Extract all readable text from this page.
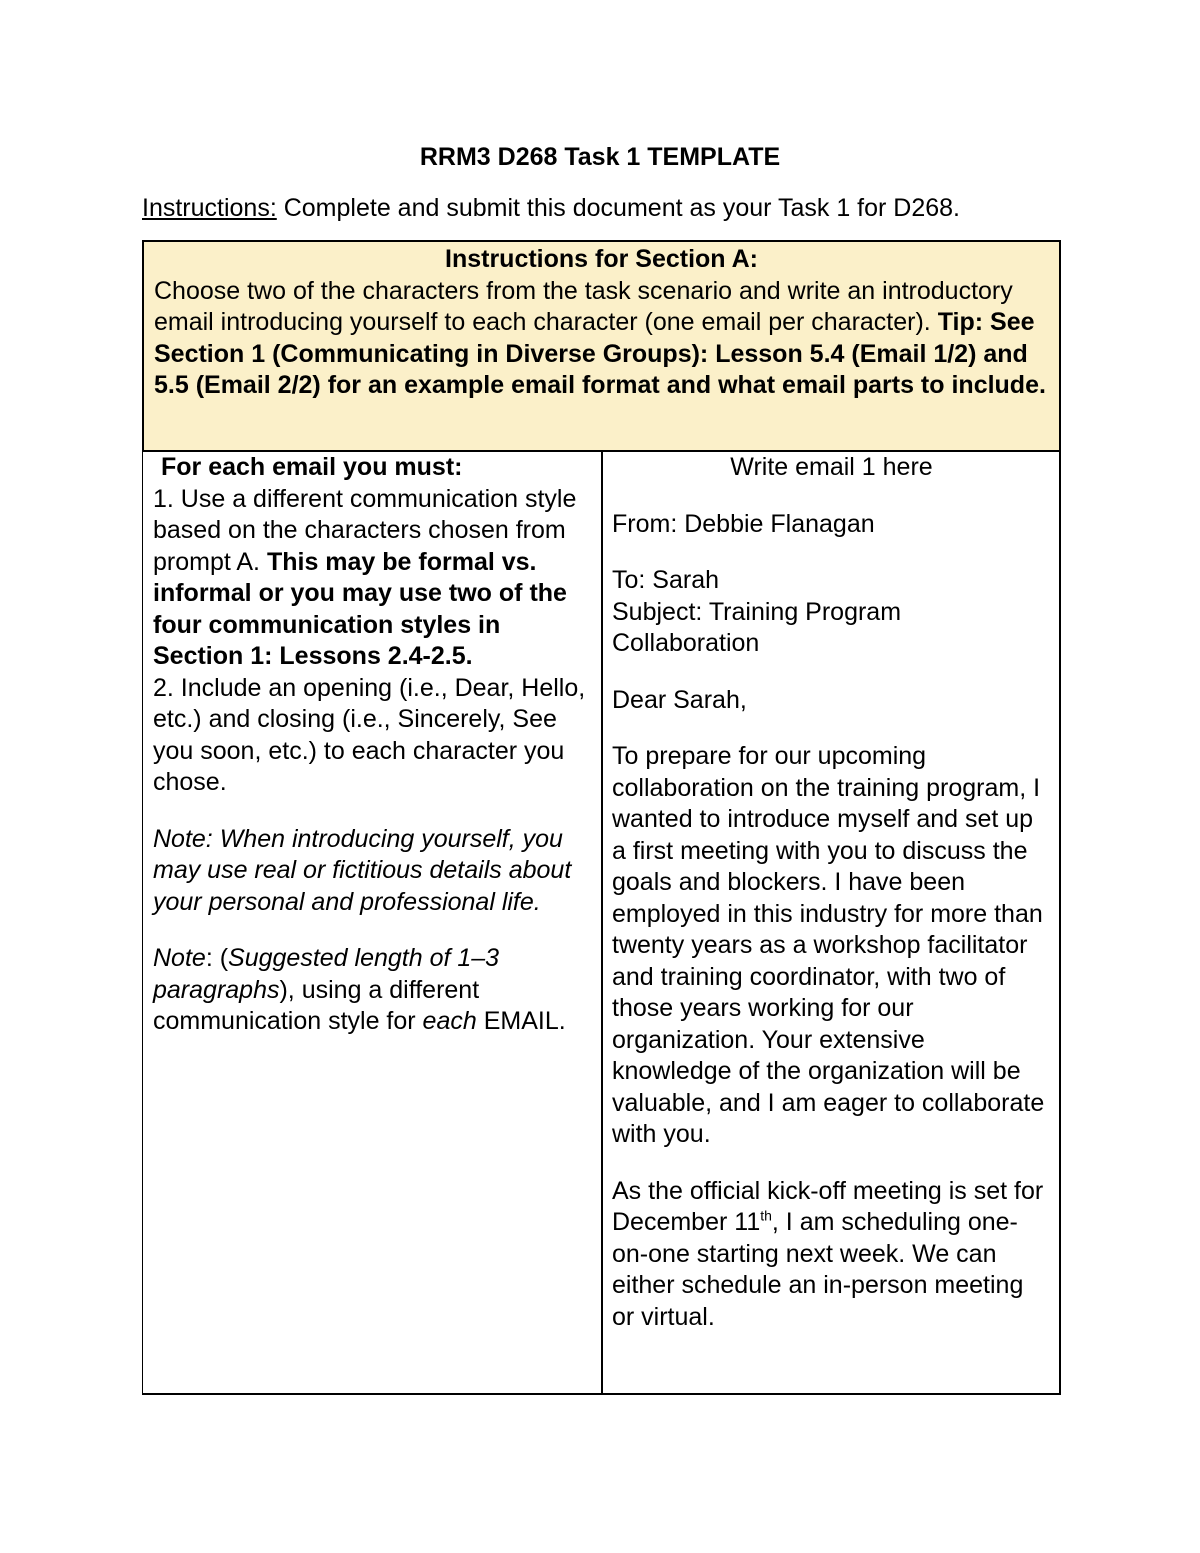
RRM3 D268 Task 1 TEMPLATE
Instructions: Complete and submit this document as your Task 1 for D268.
Instructions for Section A:
Choose two of the characters from the task scenario and write an introductory email introducing yourself to each character (one email per character). Tip: See Section 1 (Communicating in Diverse Groups): Lesson 5.4 (Email 1/2) and 5.5 (Email 2/2) for an example email format and what email parts to include.
For each email you must:
1. Use a different communication style based on the characters chosen from prompt A. This may be formal vs. informal or you may use two of the four communication styles in Section 1: Lessons 2.4-2.5.
2. Include an opening (i.e., Dear, Hello, etc.) and closing (i.e., Sincerely, See you soon, etc.) to each character you chose.
Note: When introducing yourself, you may use real or fictitious details about your personal and professional life.
Note: (Suggested length of 1–3 paragraphs), using a different communication style for each EMAIL.
Write email 1 here
From: Debbie Flanagan
To: Sarah
Subject: Training Program Collaboration
Dear Sarah,

To prepare for our upcoming collaboration on the training program, I wanted to introduce myself and set up a first meeting with you to discuss the goals and blockers. I have been employed in this industry for more than twenty years as a workshop facilitator and training coordinator, with two of those years working for our organization. Your extensive knowledge of the organization will be valuable, and I am eager to collaborate with you.

As the official kick-off meeting is set for December 11th, I am scheduling one-on-one starting next week. We can either schedule an in-person meeting or virtual.
